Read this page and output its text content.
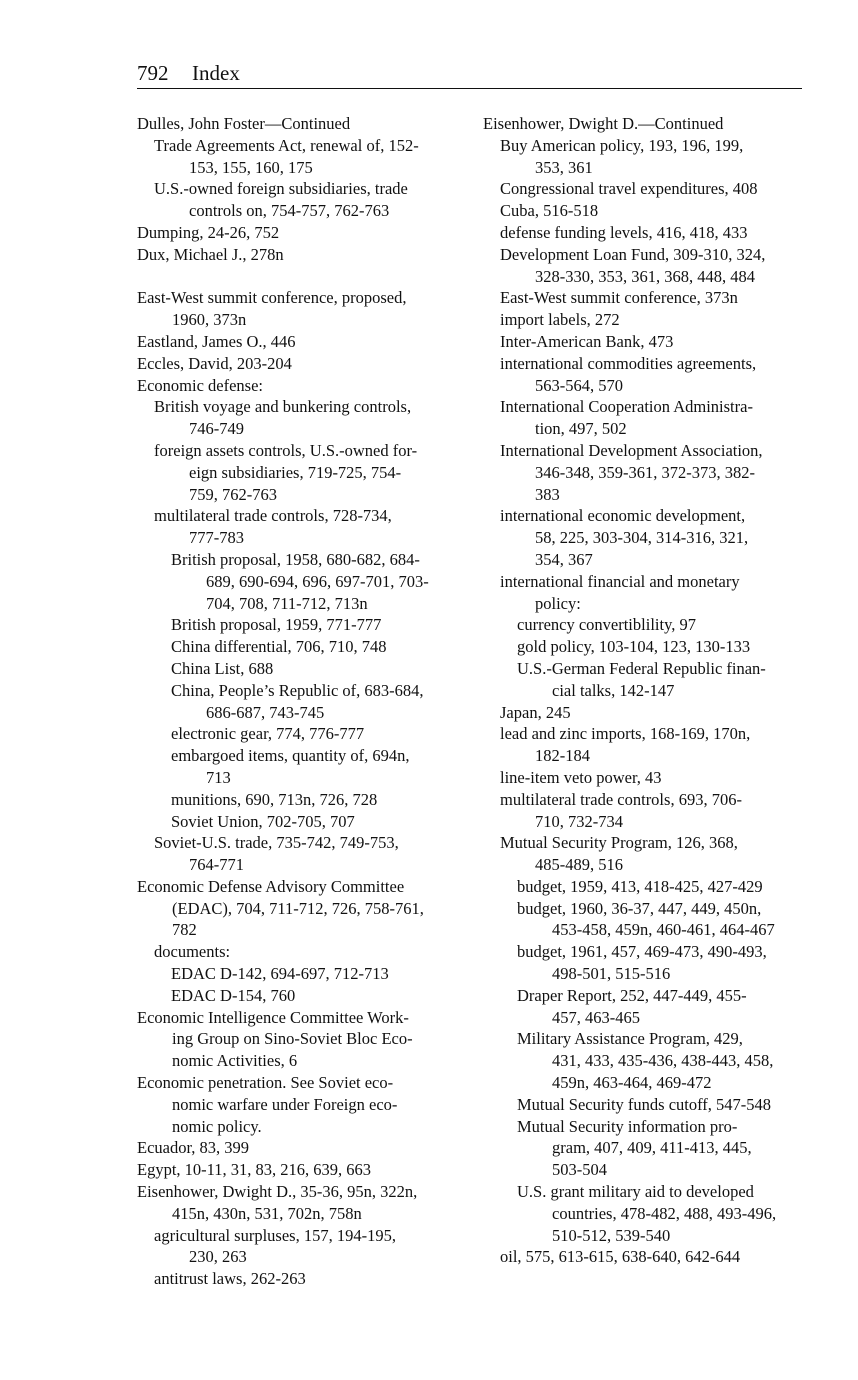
792 Index
Dulles, John Foster—Continued
Trade Agreements Act, renewal of, 152-
153, 155, 160, 175
U.S.-owned foreign subsidiaries, trade
controls on, 754-757, 762-763
Dumping, 24-26, 752
Dux, Michael J., 278n
East-West summit conference, proposed,
1960, 373n
Eastland, James O., 446
Eccles, David, 203-204
Economic defense:
British voyage and bunkering controls,
746-749
foreign assets controls, U.S.-owned for-
eign subsidiaries, 719-725, 754-
759, 762-763
multilateral trade controls, 728-734,
777-783
British proposal, 1958, 680-682, 684-
689, 690-694, 696, 697-701, 703-
704, 708, 711-712, 713n
British proposal, 1959, 771-777
China differential, 706, 710, 748
China List, 688
China, People’s Republic of, 683-684,
686-687, 743-745
electronic gear, 774, 776-777
embargoed items, quantity of, 694n,
713
munitions, 690, 713n, 726, 728
Soviet Union, 702-705, 707
Soviet-U.S. trade, 735-742, 749-753,
764-771
Economic Defense Advisory Committee
(EDAC), 704, 711-712, 726, 758-761,
782
documents:
EDAC D-142, 694-697, 712-713
EDAC D-154, 760
Economic Intelligence Committee Work-
ing Group on Sino-Soviet Bloc Eco-
nomic Activities, 6
Economic penetration. See Soviet eco-
nomic warfare under Foreign eco-
nomic policy.
Ecuador, 83, 399
Egypt, 10-11, 31, 83, 216, 639, 663
Eisenhower, Dwight D., 35-36, 95n, 322n,
415n, 430n, 531, 702n, 758n
agricultural surpluses, 157, 194-195,
230, 263
antitrust laws, 262-263
Eisenhower, Dwight D.—Continued
Buy American policy, 193, 196, 199,
353, 361
Congressional travel expenditures, 408
Cuba, 516-518
defense funding levels, 416, 418, 433
Development Loan Fund, 309-310, 324,
328-330, 353, 361, 368, 448, 484
East-West summit conference, 373n
import labels, 272
Inter-American Bank, 473
international commodities agreements,
563-564, 570
International Cooperation Administra-
tion, 497, 502
International Development Association,
346-348, 359-361, 372-373, 382-
383
international economic development,
58, 225, 303-304, 314-316, 321,
354, 367
international financial and monetary
policy:
currency convertiblility, 97
gold policy, 103-104, 123, 130-133
U.S.-German Federal Republic finan-
cial talks, 142-147
Japan, 245
lead and zinc imports, 168-169, 170n,
182-184
line-item veto power, 43
multilateral trade controls, 693, 706-
710, 732-734
Mutual Security Program, 126, 368,
485-489, 516
budget, 1959, 413, 418-425, 427-429
budget, 1960, 36-37, 447, 449, 450n,
453-458, 459n, 460-461, 464-467
budget, 1961, 457, 469-473, 490-493,
498-501, 515-516
Draper Report, 252, 447-449, 455-
457, 463-465
Military Assistance Program, 429,
431, 433, 435-436, 438-443, 458,
459n, 463-464, 469-472
Mutual Security funds cutoff, 547-548
Mutual Security information pro-
gram, 407, 409, 411-413, 445,
503-504
U.S. grant military aid to developed
countries, 478-482, 488, 493-496,
510-512, 539-540
oil, 575, 613-615, 638-640, 642-644
